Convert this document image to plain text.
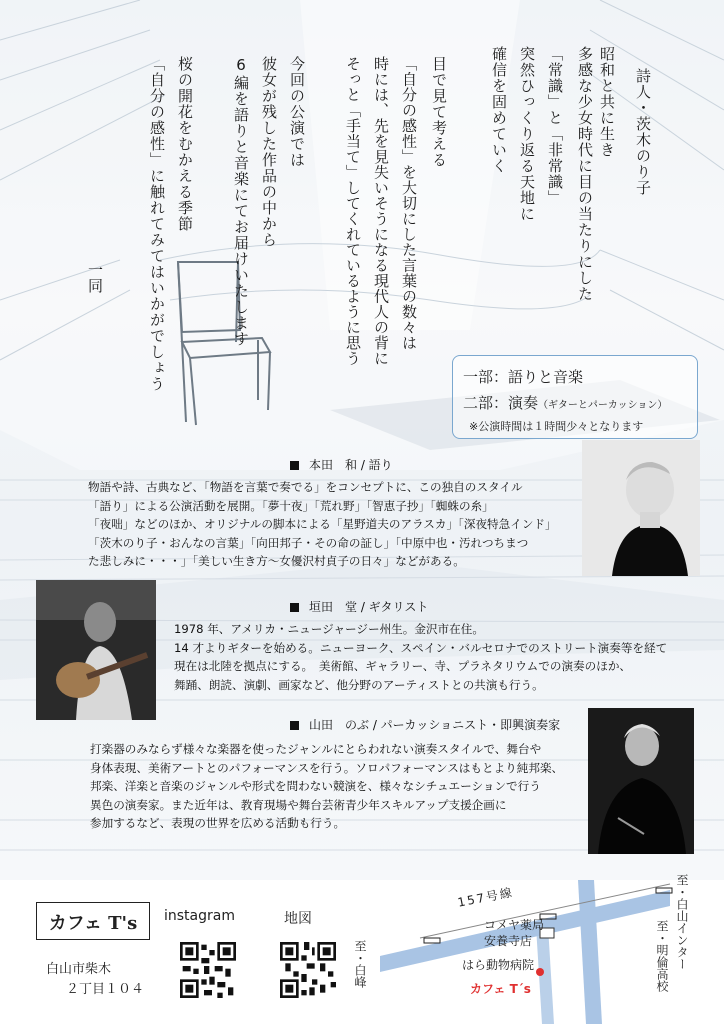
詩人・茨木のり子
昭和と共に生き
多感な少女時代に目の当たりにした
「常識」と「非常識」
突然ひっくり返る天地に
確信を固めていく
目で見て考える
「自分の感性」を大切にした言葉の数々は
時には、先を見失いそうになる現代人の背に
そっと「手当て」してくれているように思う
今回の公演では
彼女が残した作品の中から
6編を語りと音楽にてお届けいたします
桜の開花をむかえる季節
「自分の感性」に触れてみてはいかがでしょう
一同
一部：語りと音楽
二部：演奏（ギターとパーカッション）
※公演時間は１時間少々となります
本田　和 / 語り
物語や詩、古典など、「物語を言葉で奏でる」をコンセプトに、この独自のスタイル
「語り」による公演活動を展開。「夢十夜」「荒れ野」「智恵子抄」「蜘蛛の糸」
「夜咄」などのほか、オリジナルの脚本による「星野道夫のアラスカ」「深夜特急インド」
「茨木のり子・おんなの言葉」「向田邦子・その命の証し」「中原中也・汚れつちまつ
た悲しみに・・・」「美しい生き方～女優沢村貞子の日々」などがある。
垣田　堂 / ギタリスト
1978 年、アメリカ・ニュージャージー州生。金沢市在住。
14 才よりギターを始める。ニューヨーク、スペイン・バルセロナでのストリート演奏等を経て
現在は北陸を拠点にする。　美術館、ギャラリー、寺、プラネタリウムでの演奏のほか、
舞踊、朗読、演劇、画家など、他分野のアーティストとの共演も行う。
山田　のぶ / パーカッショニスト・即興演奏家
打楽器のみならず様々な楽器を使ったジャンルにとらわれない演奏スタイルで、舞台や
身体表現、美術アートとのパフォーマンスを行う。ソロパフォーマンスはもとより純邦楽、
邦楽、洋楽と音楽のジャンルや形式を問わない競演を、様々なシチュエーションで行う
異色の演奏家。また近年は、教育現場や舞台芸術青少年スキルアップ支援企画に
参加するなど、表現の世界を広める活動も行う。
カフェ T's
白山市柴木
２丁目１０４
instagram	地図
157号線
コメヤ薬局
安養寺店
はら動物病院
カフェ T´s
至・白山インター
至・明倫高校
至・白峰
